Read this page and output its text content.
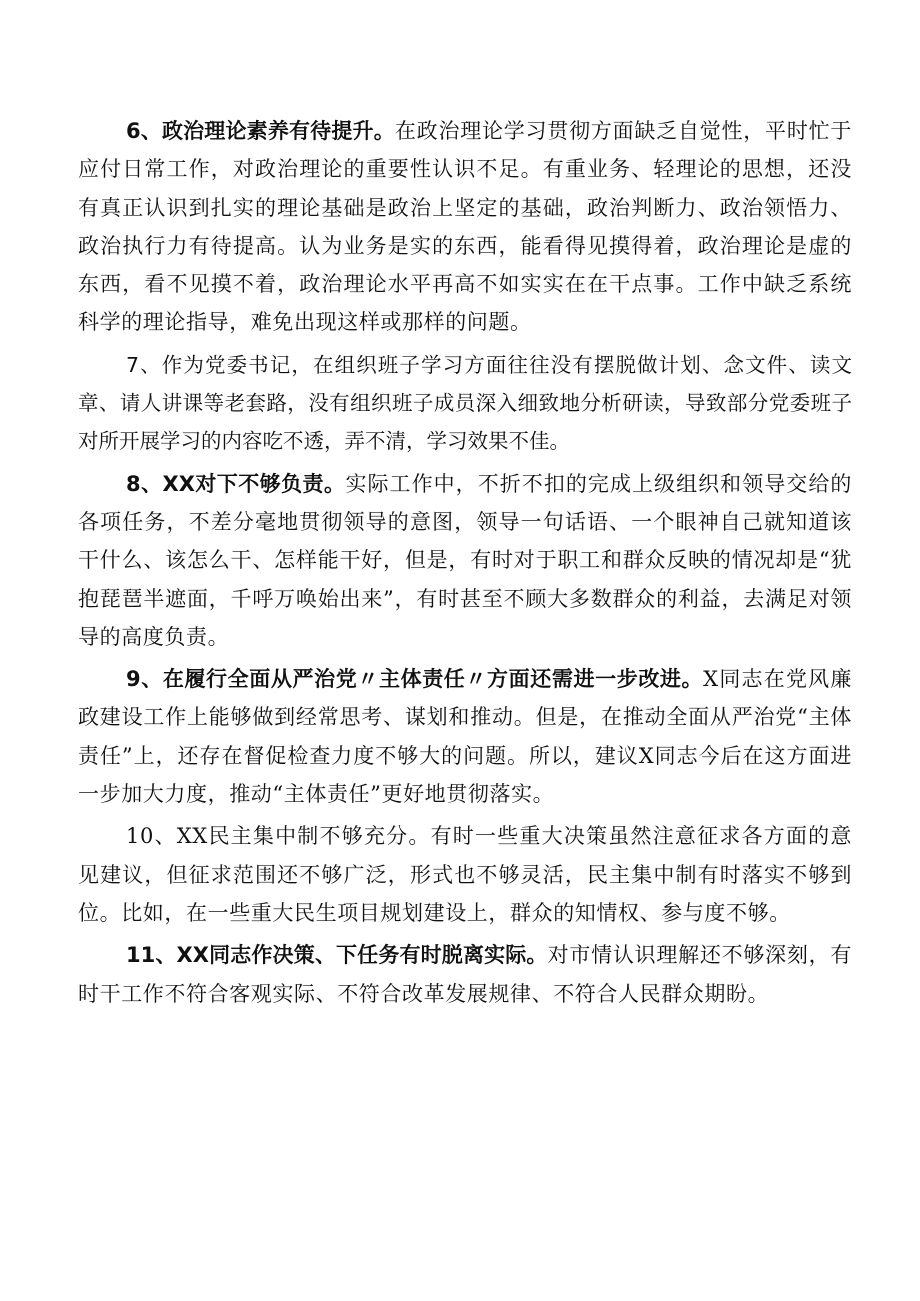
6、政治理论素养有待提升。在政治理论学习贯彻方面缺乏自觉性，平时忙于应付日常工作，对政治理论的重要性认识不足。有重业务、轻理论的思想，还没有真正认识到扎实的理论基础是政治上坚定的基础，政治判断力、政治领悟力、政治执行力有待提高。认为业务是实的东西，能看得见摸得着，政治理论是虚的东西，看不见摸不着，政治理论水平再高不如实实在在干点事。工作中缺乏系统科学的理论指导，难免出现这样或那样的问题。

7、作为党委书记，在组织班子学习方面往往没有摆脱做计划、念文件、读文章、请人讲课等老套路，没有组织班子成员深入细致地分析研读，导致部分党委班子对所开展学习的内容吃不透，弄不清，学习效果不佳。

8、XX对下不够负责。实际工作中，不折不扣的完成上级组织和领导交给的各项任务，不差分毫地贯彻领导的意图，领导一句话语、一个眼神自己就知道该干什么、该怎么干、怎样能干好，但是，有时对于职工和群众反映的情况却是“犹抱琵琶半遮面，千呼万唤始出来”，有时甚至不顾大多数群众的利益，去满足对领导的高度负责。

9、在履行全面从严治党〃主体责任〃方面还需进一步改进。X同志在党风廉政建设工作上能够做到经常思考、谋划和推动。但是，在推动全面从严治党“主体责任”上，还存在督促检查力度不够大的问题。所以，建议X同志今后在这方面进一步加大力度，推动“主体责任”更好地贯彻落实。

10、XX民主集中制不够充分。有时一些重大决策虽然注意征求各方面的意见建议，但征求范围还不够广泛，形式也不够灵活，民主集中制有时落实不够到位。比如，在一些重大民生项目规划建设上，群众的知情权、参与度不够。

11、XX同志作决策、下任务有时脱离实际。对市情认识理解还不够深刻，有时干工作不符合客观实际、不符合改革发展规律、不符合人民群众期盼。
